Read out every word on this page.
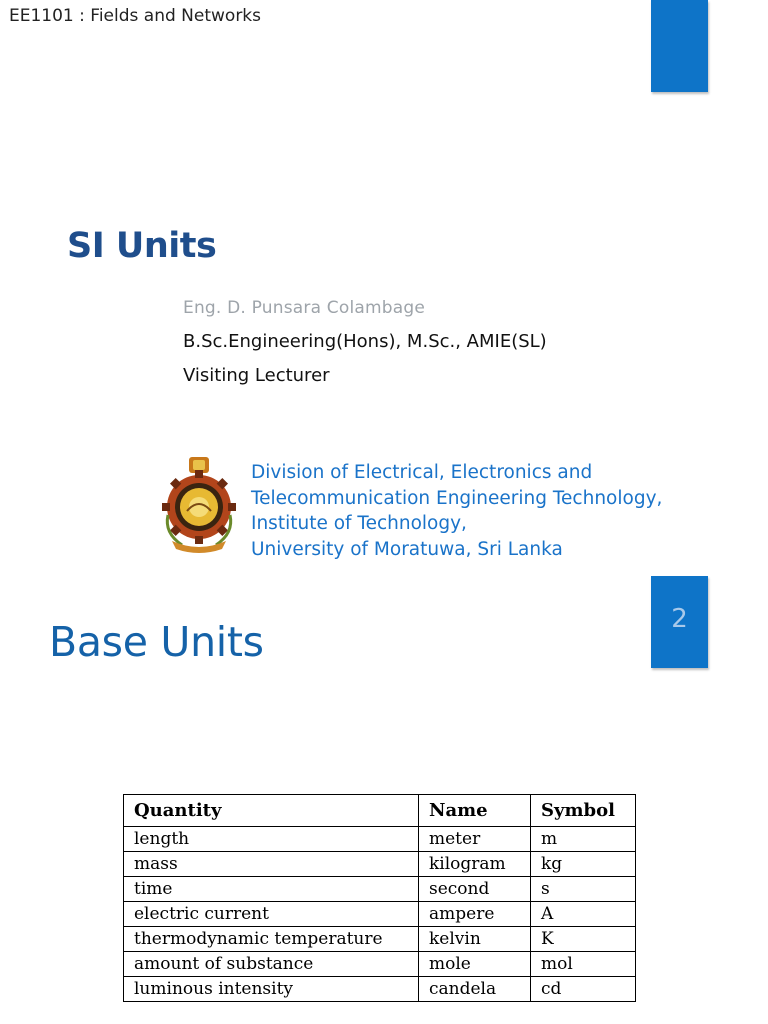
EE1101 : Fields and Networks
SI Units
Eng. D. Punsara Colambage
B.Sc.Engineering(Hons), M.Sc., AMIE(SL)
Visiting Lecturer
Division of Electrical, Electronics and
Telecommunication Engineering Technology,
Institute of Technology,
University of Moratuwa, Sri Lanka
2
Base Units
Quantity	Name	Symbol
length	meter	m
mass	kilogram	kg
time	second	s
electric current	ampere	A
thermodynamic temperature	kelvin	K
amount of substance	mole	mol
luminous intensity	candela	cd
